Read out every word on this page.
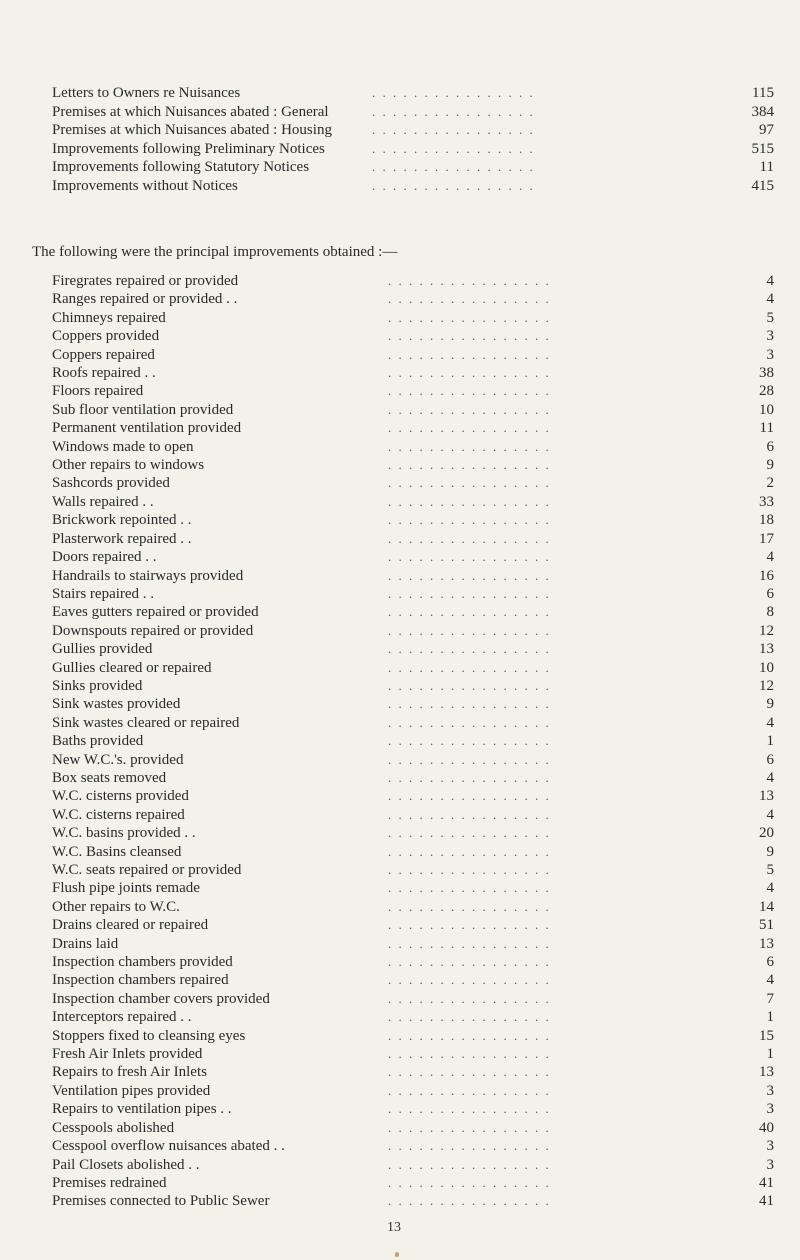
Letters to Owners re Nuisances	. . . . . . . . . . . . . . . .	115
Premises at which Nuisances abated : General	. . . . . . . . . . . . . . . .	384
Premises at which Nuisances abated : Housing	. . . . . . . . . . . . . . . .	97
Improvements following Preliminary Notices	. . . . . . . . . . . . . . . .	515
Improvements following Statutory Notices	. . . . . . . . . . . . . . . .	11
Improvements without Notices	. . . . . . . . . . . . . . . .	415
The following were the principal improvements obtained :—
Firegrates repaired or provided	. . . . . . . . . . . . . . . .	4
Ranges repaired or provided . .	. . . . . . . . . . . . . . . .	4
Chimneys repaired	. . . . . . . . . . . . . . . .	5
Coppers provided	. . . . . . . . . . . . . . . .	3
Coppers repaired	. . . . . . . . . . . . . . . .	3
Roofs repaired . .	. . . . . . . . . . . . . . . .	38
Floors repaired	. . . . . . . . . . . . . . . .	28
Sub floor ventilation provided	. . . . . . . . . . . . . . . .	10
Permanent ventilation provided	. . . . . . . . . . . . . . . .	11
Windows made to open	. . . . . . . . . . . . . . . .	6
Other repairs to windows	. . . . . . . . . . . . . . . .	9
Sashcords provided	. . . . . . . . . . . . . . . .	2
Walls repaired . .	. . . . . . . . . . . . . . . .	33
Brickwork repointed . .	. . . . . . . . . . . . . . . .	18
Plasterwork repaired . .	. . . . . . . . . . . . . . . .	17
Doors repaired . .	. . . . . . . . . . . . . . . .	4
Handrails to stairways provided	. . . . . . . . . . . . . . . .	16
Stairs repaired . .	. . . . . . . . . . . . . . . .	6
Eaves gutters repaired or provided	. . . . . . . . . . . . . . . .	8
Downspouts repaired or provided	. . . . . . . . . . . . . . . .	12
Gullies provided	. . . . . . . . . . . . . . . .	13
Gullies cleared or repaired	. . . . . . . . . . . . . . . .	10
Sinks provided	. . . . . . . . . . . . . . . .	12
Sink wastes provided	. . . . . . . . . . . . . . . .	9
Sink wastes cleared or repaired	. . . . . . . . . . . . . . . .	4
Baths provided	. . . . . . . . . . . . . . . .	1
New W.C.'s. provided	. . . . . . . . . . . . . . . .	6
Box seats removed	. . . . . . . . . . . . . . . .	4
W.C. cisterns provided	. . . . . . . . . . . . . . . .	13
W.C. cisterns repaired	. . . . . . . . . . . . . . . .	4
W.C. basins provided . .	. . . . . . . . . . . . . . . .	20
W.C. Basins cleansed	. . . . . . . . . . . . . . . .	9
W.C. seats repaired or provided	. . . . . . . . . . . . . . . .	5
Flush pipe joints remade	. . . . . . . . . . . . . . . .	4
Other repairs to W.C.	. . . . . . . . . . . . . . . .	14
Drains cleared or repaired	. . . . . . . . . . . . . . . .	51
Drains laid	. . . . . . . . . . . . . . . .	13
Inspection chambers provided	. . . . . . . . . . . . . . . .	6
Inspection chambers repaired	. . . . . . . . . . . . . . . .	4
Inspection chamber covers provided	. . . . . . . . . . . . . . . .	7
Interceptors repaired . .	. . . . . . . . . . . . . . . .	1
Stoppers fixed to cleansing eyes	. . . . . . . . . . . . . . . .	15
Fresh Air Inlets provided	. . . . . . . . . . . . . . . .	1
Repairs to fresh Air Inlets	. . . . . . . . . . . . . . . .	13
Ventilation pipes provided	. . . . . . . . . . . . . . . .	3
Repairs to ventilation pipes . .	. . . . . . . . . . . . . . . .	3
Cesspools abolished	. . . . . . . . . . . . . . . .	40
Cesspool overflow nuisances abated . .	. . . . . . . . . . . . . . . .	3
Pail Closets abolished . .	. . . . . . . . . . . . . . . .	3
Premises redrained	. . . . . . . . . . . . . . . .	41
Premises connected to Public Sewer	. . . . . . . . . . . . . . . .	41
13
